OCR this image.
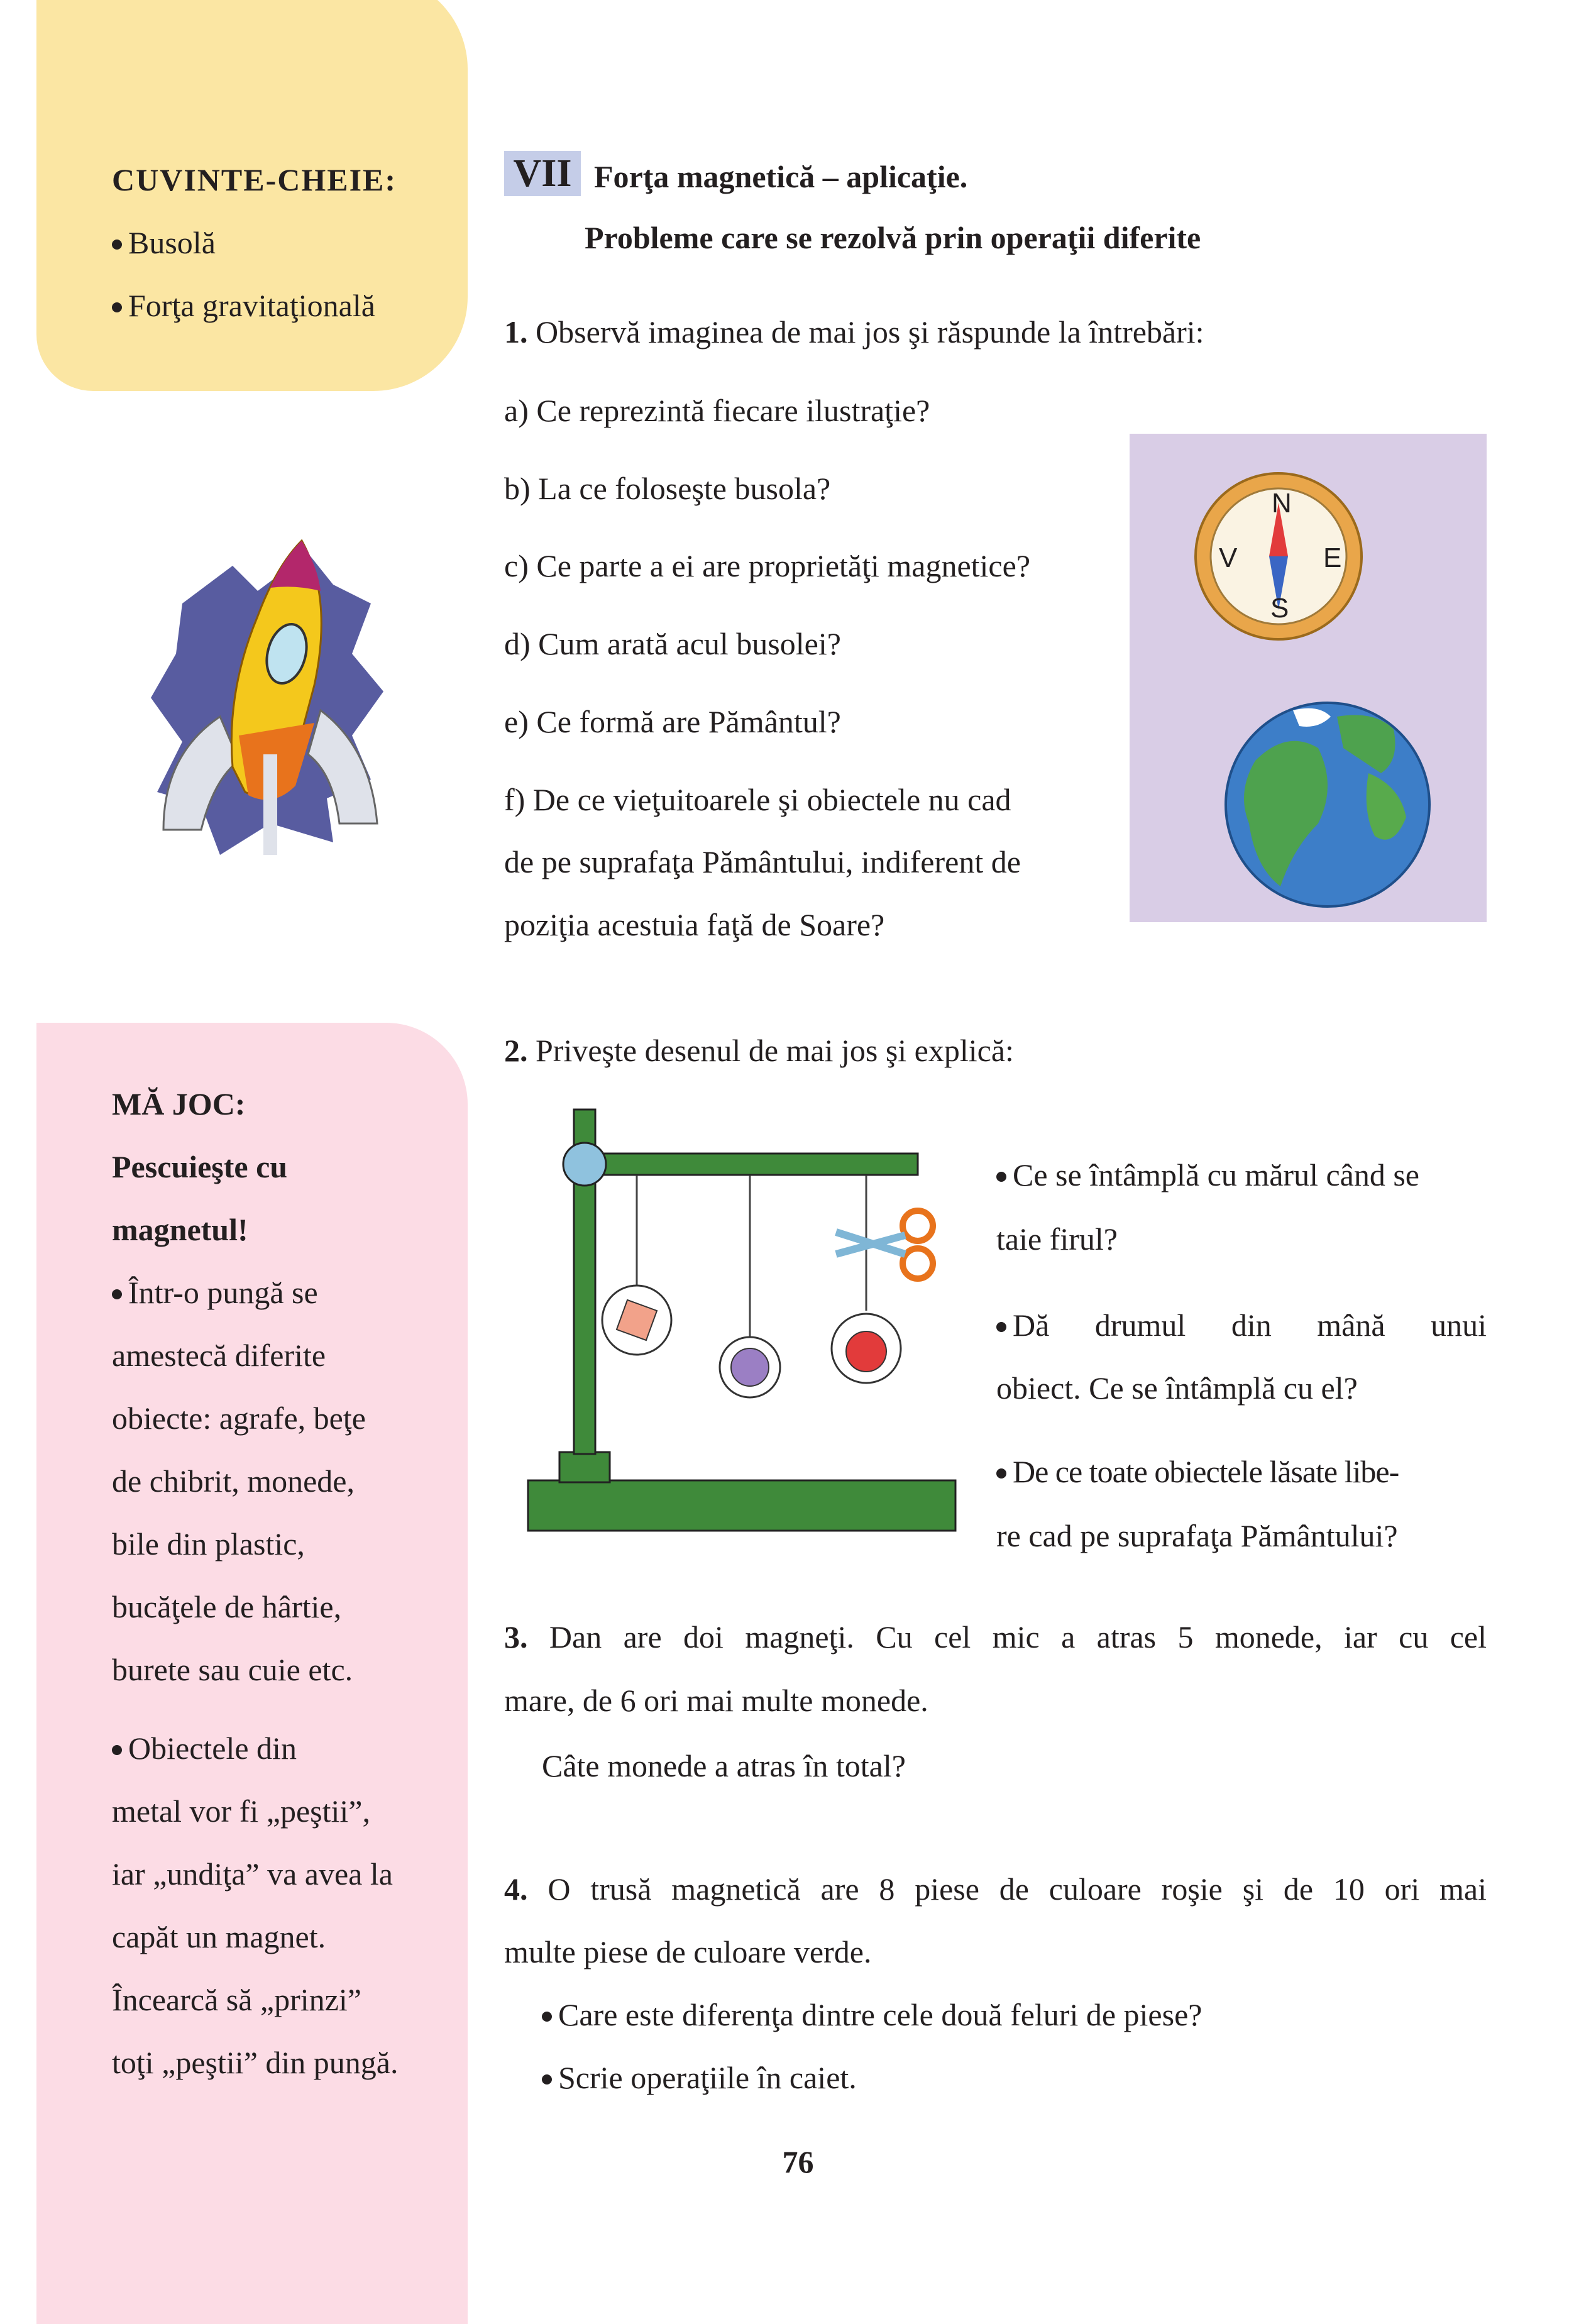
CUVINTE-CHEIE:
Busolă
Forţa gravitaţională
VII Forţa magnetică – aplicaţie.
Probleme care se rezolvă prin operaţii diferite
1. Observă imaginea de mai jos şi răspunde la întrebări:
a) Ce reprezintă fiecare ilustraţie?
b) La ce foloseşte busola?
c) Ce parte a ei are proprietăţi magnetice?
d) Cum arată acul busolei?
e) Ce formă are Pământul?
f) De ce vieţuitoarele şi obiectele nu cad
de pe suprafaţa Pământului, indiferent de
poziţia acestuia faţă de Soare?
N
S
E
V
MĂ JOC:
Pescuieşte cu
magnetul!
Într-o pungă se
amestecă diferite
obiecte: agrafe, beţe
de chibrit, monede,
bile din plastic,
bucăţele de hârtie,
burete sau cuie etc.
Obiectele din
metal vor fi „peştii”,
iar „undiţa” va avea la
capăt un magnet.
Încearcă să „prinzi”
toţi „peştii” din pungă.
2. Priveşte desenul de mai jos şi explică:
Ce se întâmplă cu mărul când se
taie firul?
Dă drumul din mână unui
obiect. Ce se întâmplă cu el?
De ce toate obiectele lăsate libe-
re cad pe suprafaţa Pământului?
3. Dan are doi magneţi. Cu cel mic a atras 5 monede, iar cu cel
mare, de 6 ori mai multe monede.
Câte monede a atras în total?
4. O trusă magnetică are 8 piese de culoare roşie şi de 10 ori mai
multe piese de culoare verde.
Care este diferenţa dintre cele două feluri de piese?
Scrie operaţiile în caiet.
76
